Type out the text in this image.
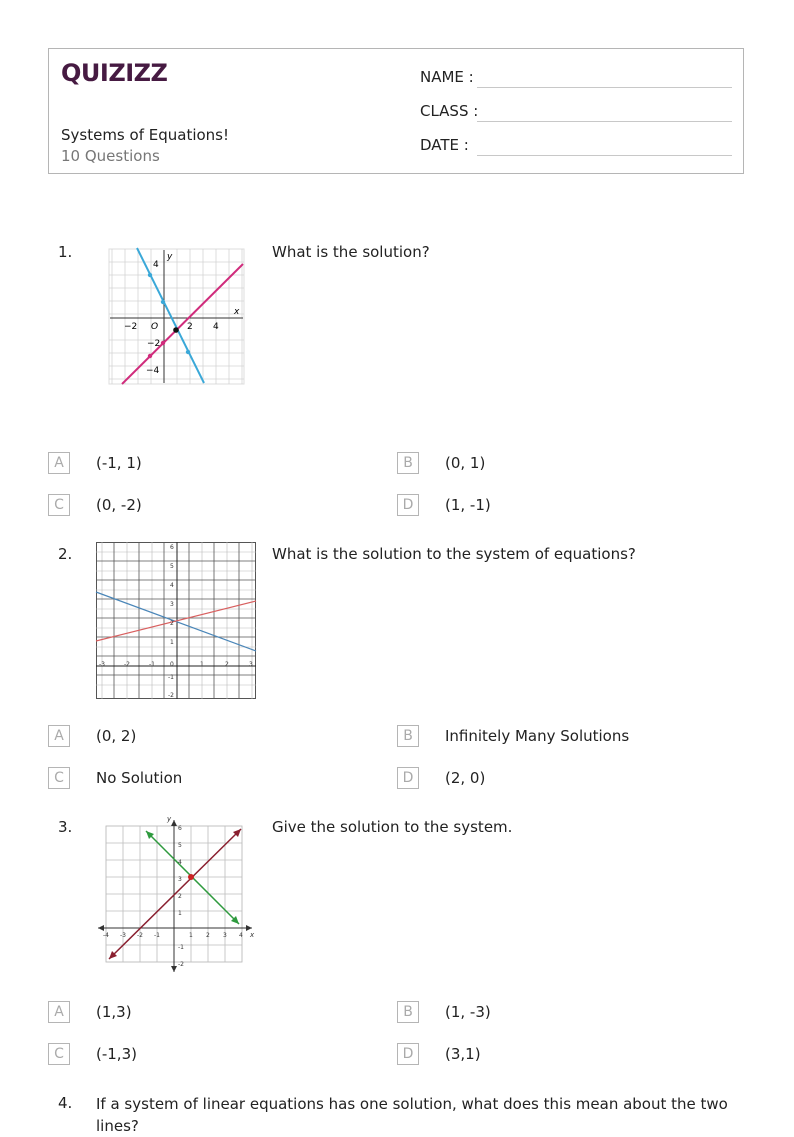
QUIZIZZ
Systems of Equations!
10 Questions
NAME :
CLASS :
DATE :
1.	y
x
4
−2 O	2 4
−2
−4
What is the solution?
A	(-1, 1)	B	(0, 1)
C	(0, -2)	D	(1, -1)
2.	6
5
4
3
2
1
0
-1
-2
-3	-2	-1	1	2	3
What is the solution to the system of equations?
A	(0, 2)	B	Infinitely Many Solutions
C	No Solution	D	(2, 0)
3.	y
x
6
5
4
3
2
1
-1
-2
-4 -3 -2 -1	1 2 3 4
Give the solution to the system.
A	(1,3)	B	(1, -3)
C	(-1,3)	D	(3,1)
4. If a system of linear equations has one solution, what does this mean about the two lines?
